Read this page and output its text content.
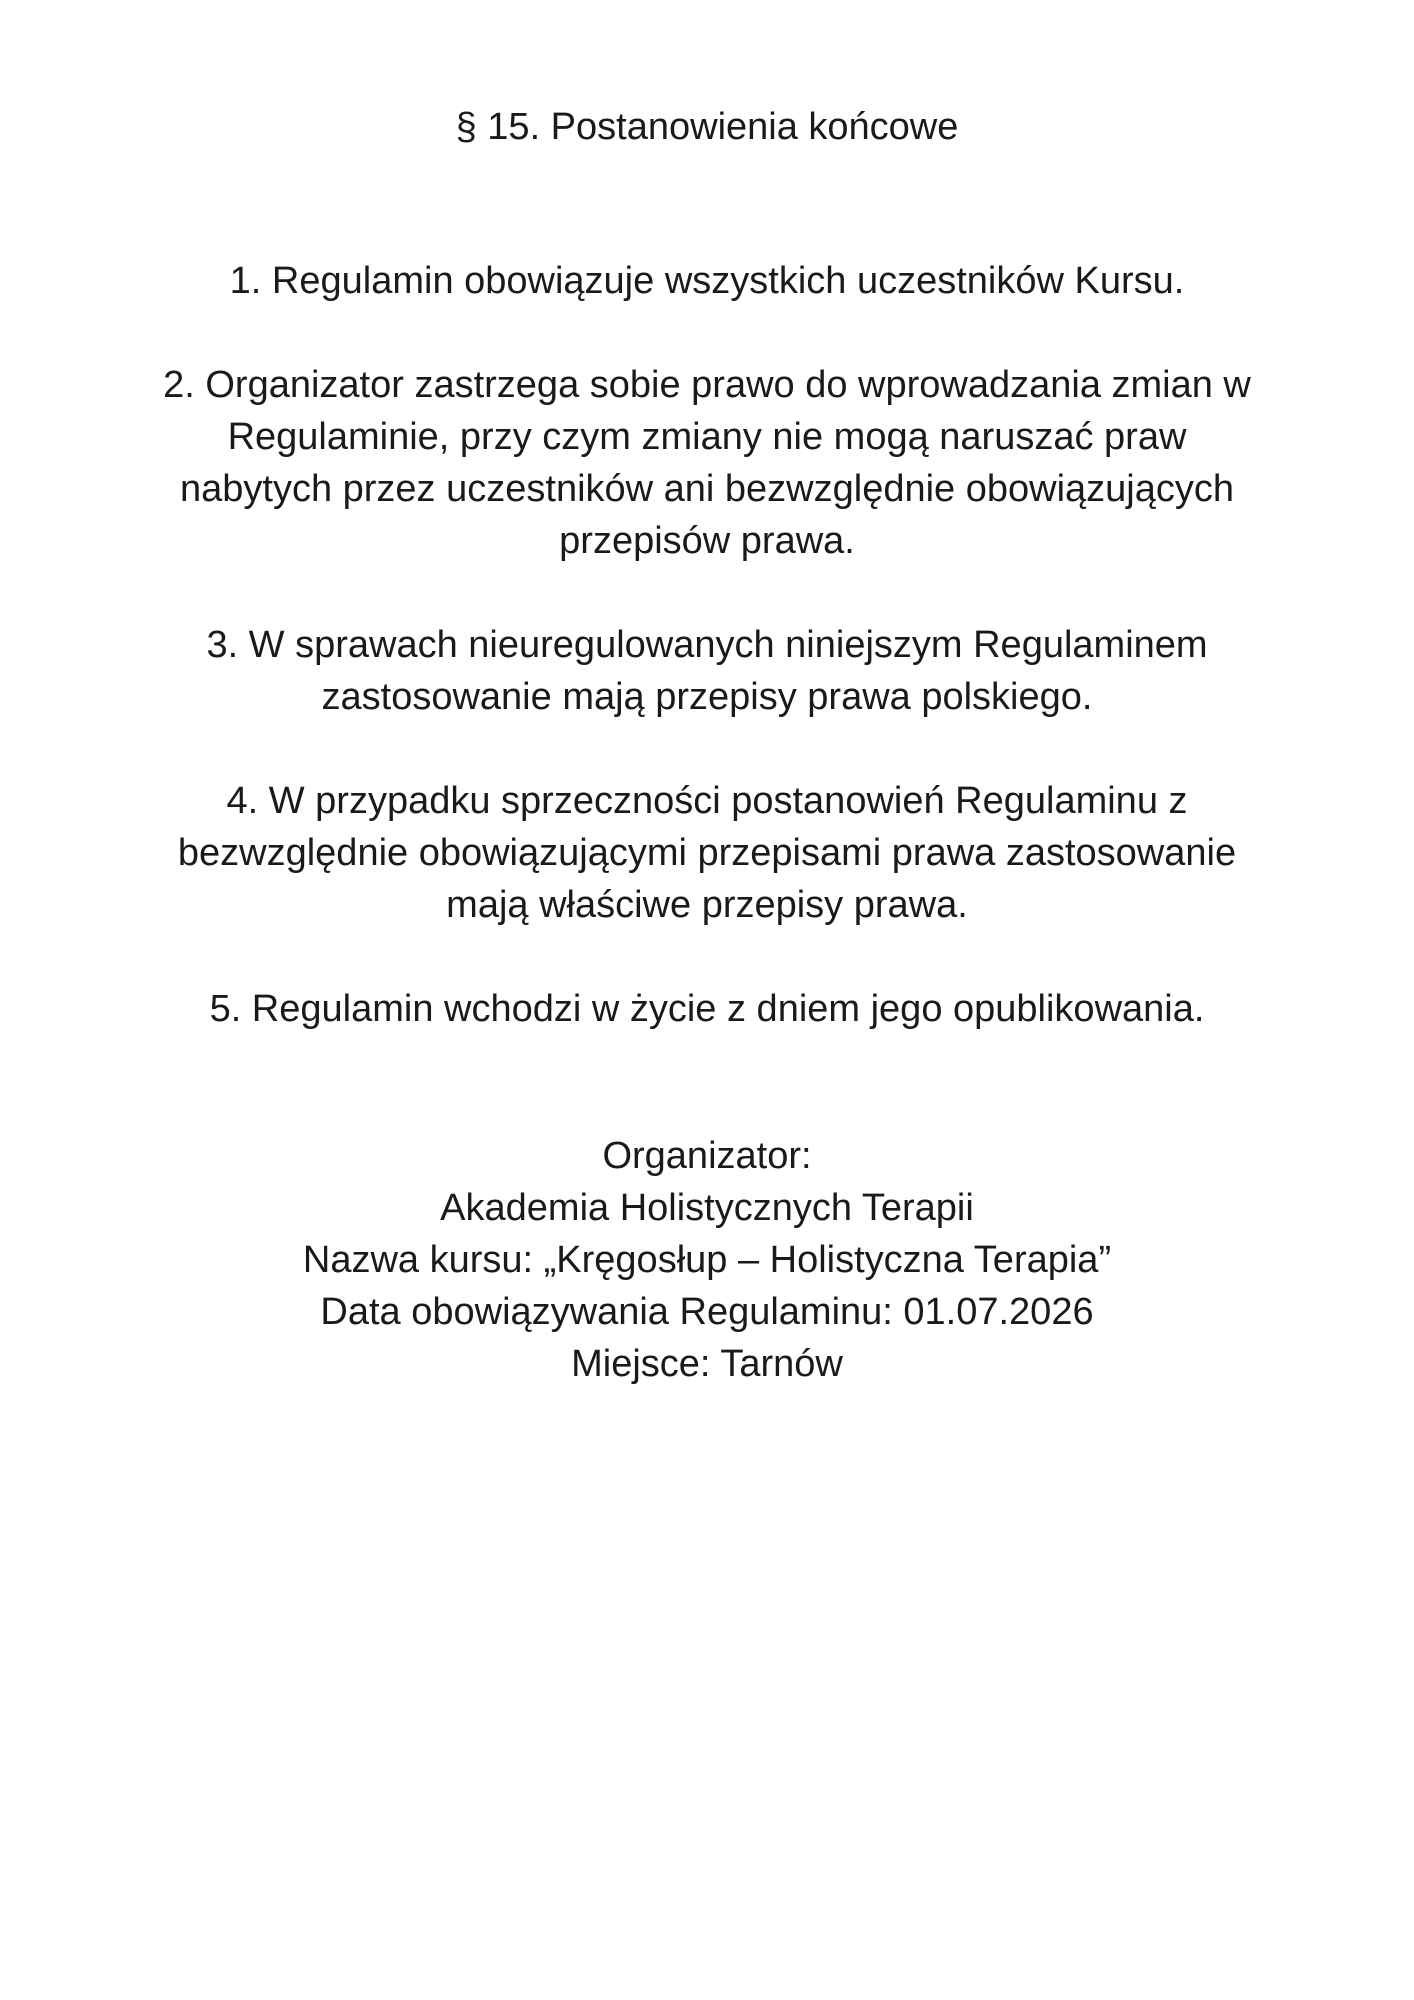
§ 15. Postanowienia końcowe
1. Regulamin obowiązuje wszystkich uczestników Kursu.
2. Organizator zastrzega sobie prawo do wprowadzania zmian w Regulaminie, przy czym zmiany nie mogą naruszać praw nabytych przez uczestników ani bezwzględnie obowiązujących przepisów prawa.
3. W sprawach nieuregulowanych niniejszym Regulaminem zastosowanie mają przepisy prawa polskiego.
4. W przypadku sprzeczności postanowień Regulaminu z bezwzględnie obowiązującymi przepisami prawa zastosowanie mają właściwe przepisy prawa.
5. Regulamin wchodzi w życie z dniem jego opublikowania.
Organizator:
Akademia Holistycznych Terapii
Nazwa kursu: „Kręgosłup – Holistyczna Terapia”
Data obowiązywania Regulaminu: 01.07.2026
Miejsce: Tarnów
